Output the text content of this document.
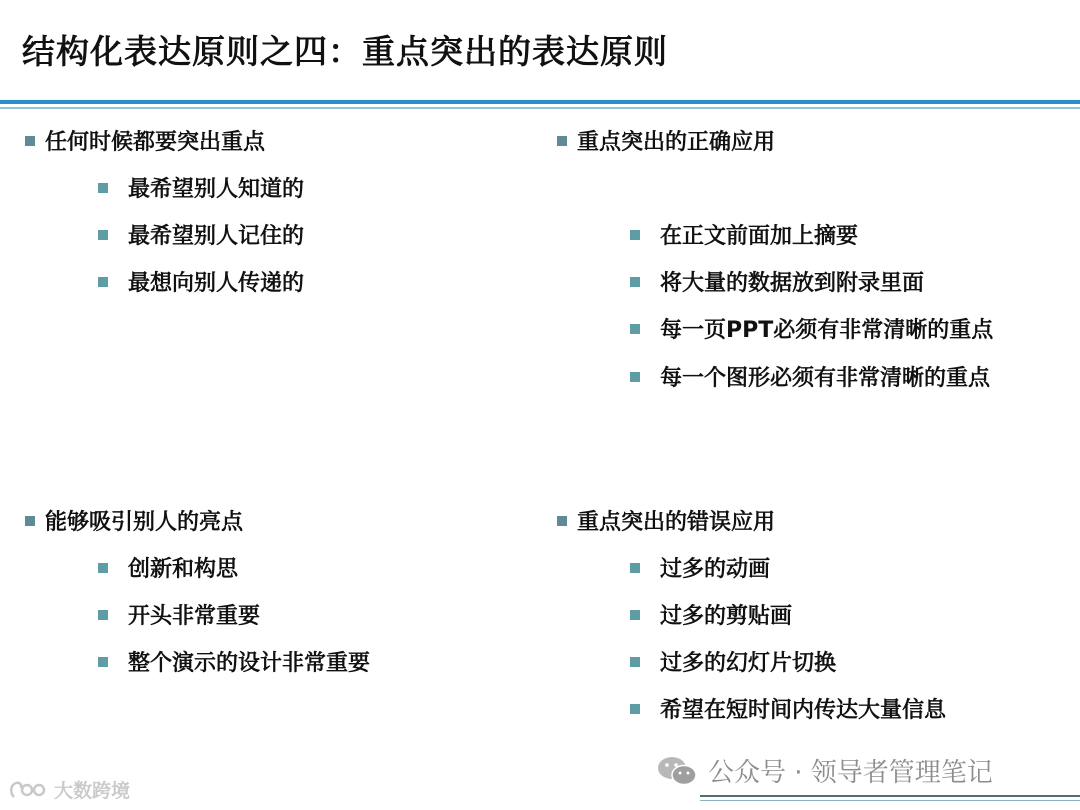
结构化表达原则之四：重点突出的表达原则
任何时候都要突出重点
最希望别人知道的
最希望别人记住的
最想向别人传递的
重点突出的正确应用
在正文前面加上摘要
将大量的数据放到附录里面
每一页PPT必须有非常清晰的重点
每一个图形必须有非常清晰的重点
能够吸引别人的亮点
创新和构思
开头非常重要
整个演示的设计非常重要
重点突出的错误应用
过多的动画
过多的剪贴画
过多的幻灯片切换
希望在短时间内传达大量信息
大数跨境
公众号 · 领导者管理笔记
